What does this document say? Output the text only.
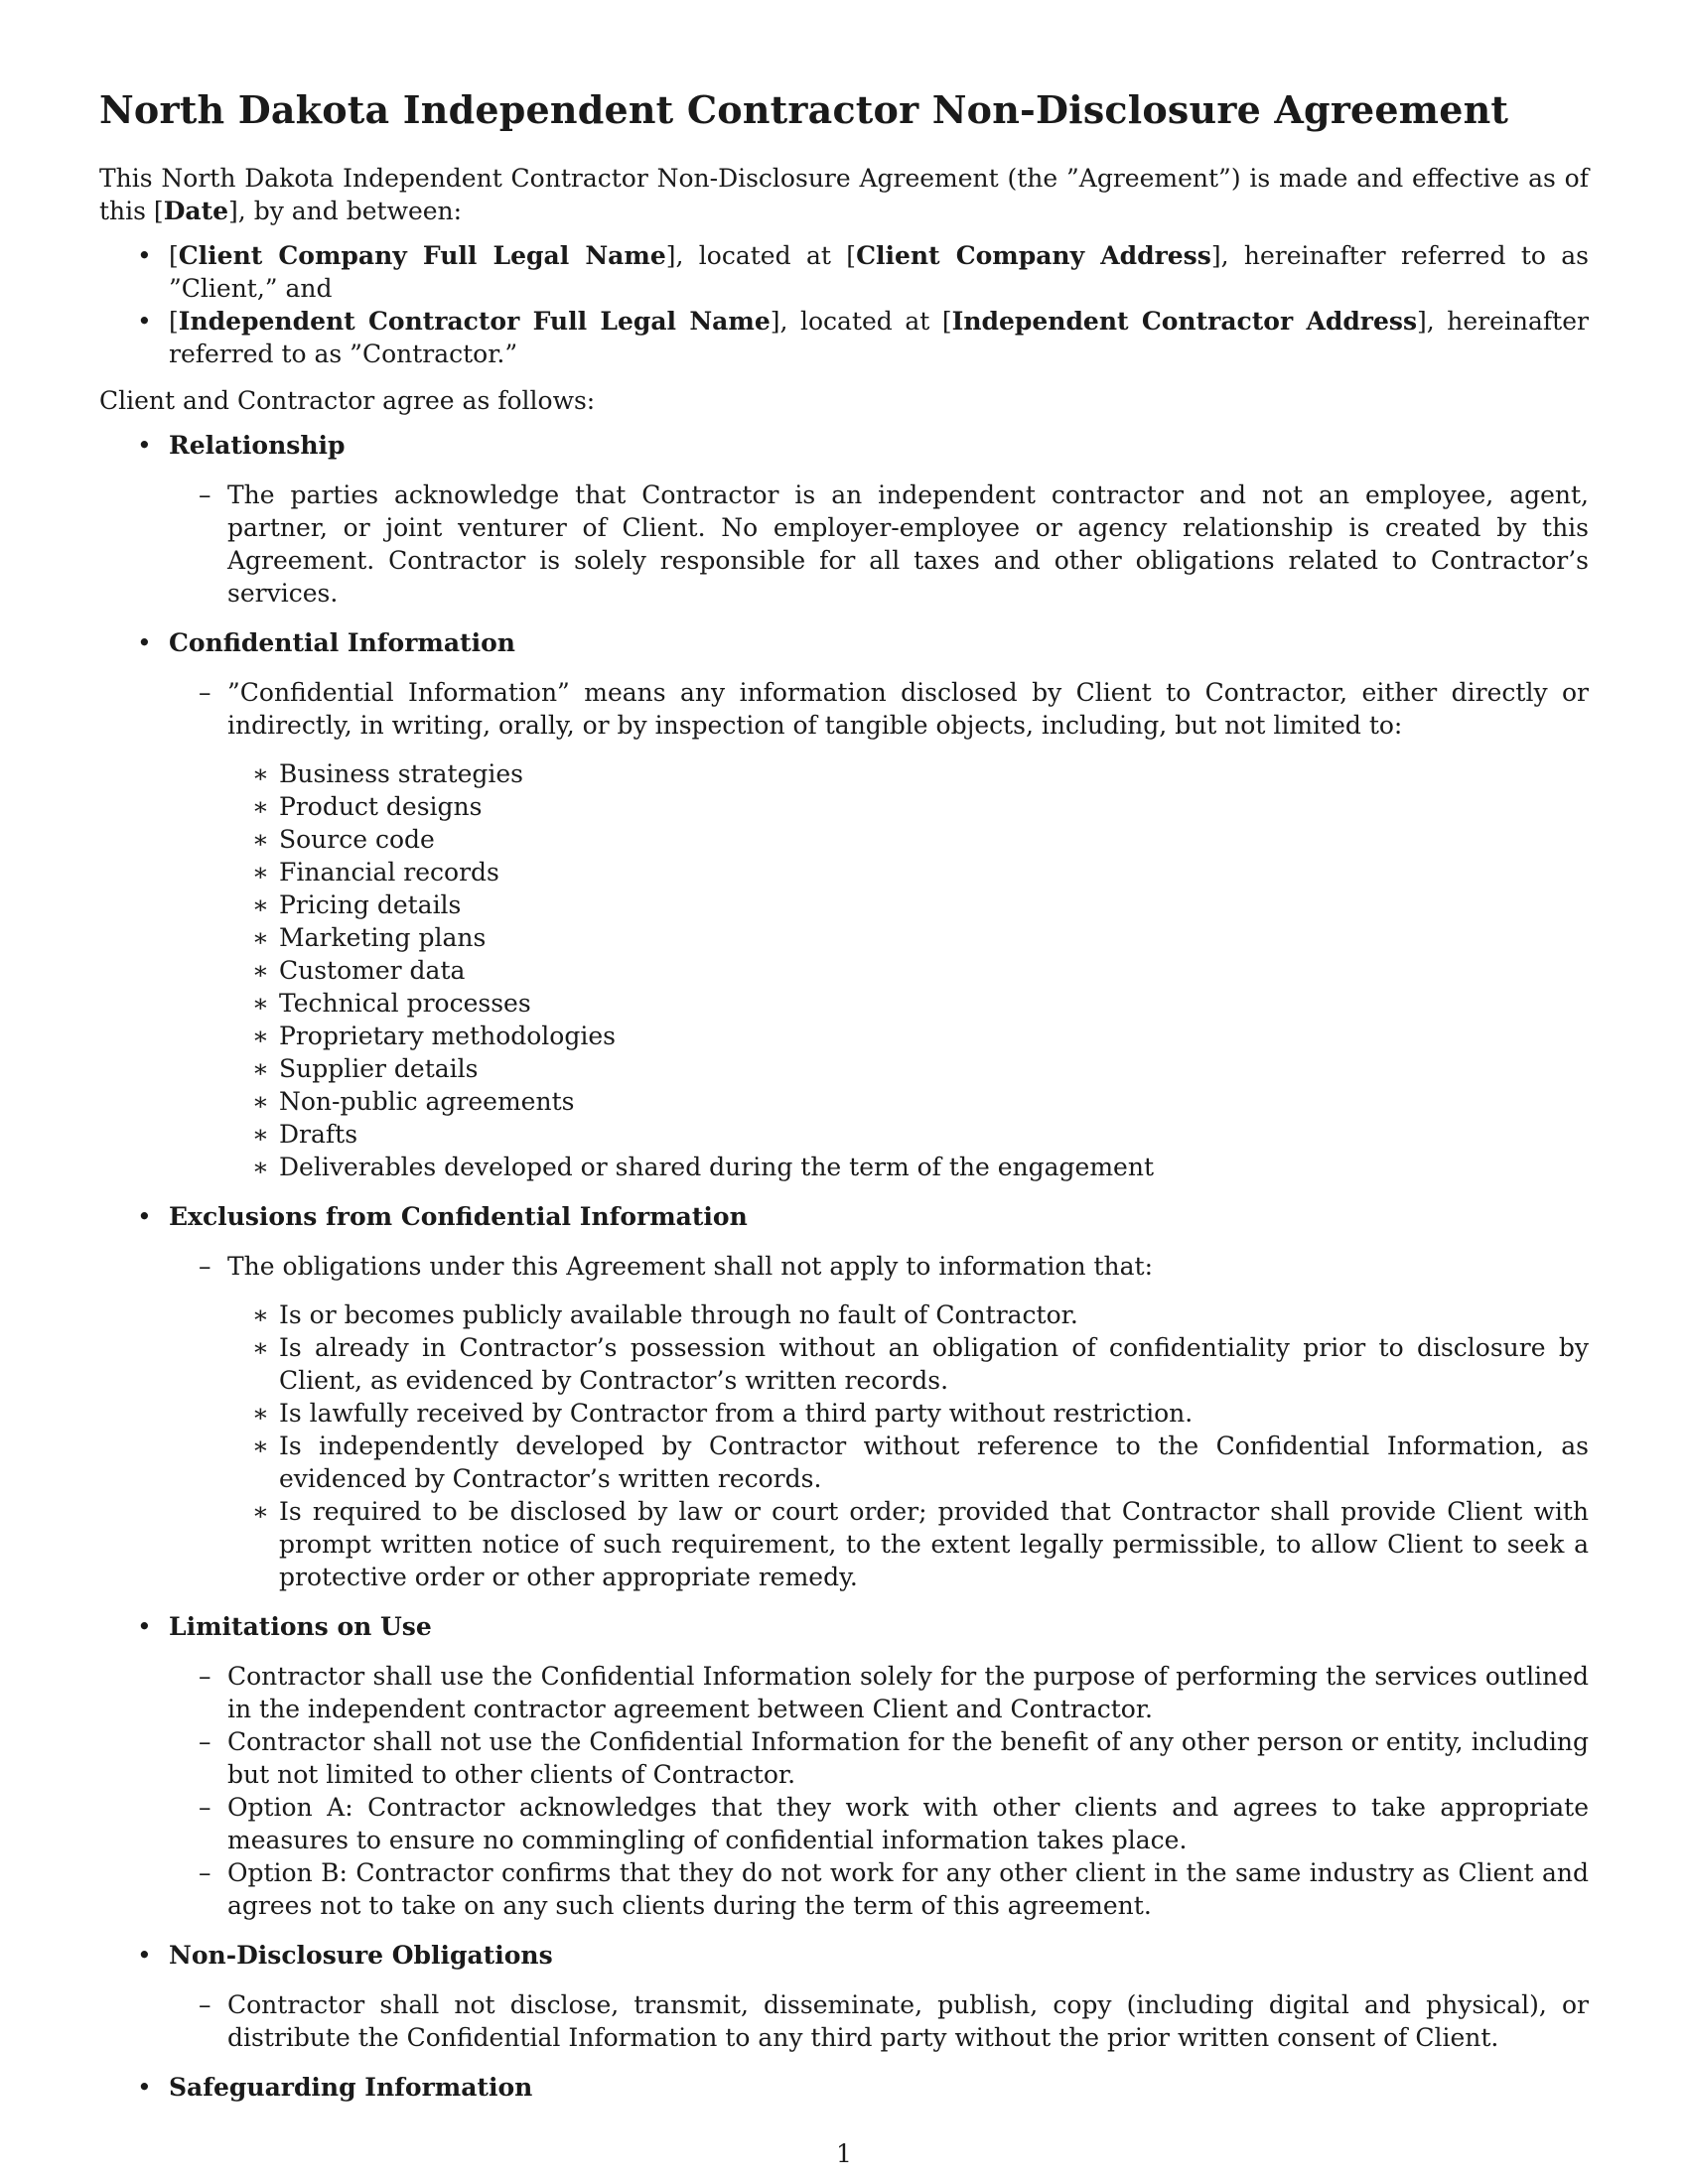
North Dakota Independent Contractor Non-Disclosure Agreement

This North Dakota Independent Contractor Non-Disclosure Agreement (the ”Agreement”) is made and effective as of this [Date], by and between:

• [Client Company Full Legal Name], located at [Client Company Address], hereinafter referred to as ”Client,” and
• [Independent Contractor Full Legal Name], located at [Independent Contractor Address], hereinafter referred to as ”Contractor.”

Client and Contractor agree as follows:

• Relationship
– The parties acknowledge that Contractor is an independent contractor and not an employee, agent, partner, or joint venturer of Client. No employer-employee or agency relationship is created by this Agreement. Contractor is solely responsible for all taxes and other obligations related to Contractor’s services.
• Confidential Information
– ”Confidential Information” means any information disclosed by Client to Contractor, either directly or indirectly, in writing, orally, or by inspection of tangible objects, including, but not limited to:
∗ Business strategies
∗ Product designs
∗ Source code
∗ Financial records
∗ Pricing details
∗ Marketing plans
∗ Customer data
∗ Technical processes
∗ Proprietary methodologies
∗ Supplier details
∗ Non-public agreements
∗ Drafts
∗ Deliverables developed or shared during the term of the engagement
• Exclusions from Confidential Information
– The obligations under this Agreement shall not apply to information that:
∗ Is or becomes publicly available through no fault of Contractor.
∗ Is already in Contractor’s possession without an obligation of confidentiality prior to disclosure by Client, as evidenced by Contractor’s written records.
∗ Is lawfully received by Contractor from a third party without restriction.
∗ Is independently developed by Contractor without reference to the Confidential Information, as evidenced by Contractor’s written records.
∗ Is required to be disclosed by law or court order; provided that Contractor shall provide Client with prompt written notice of such requirement, to the extent legally permissible, to allow Client to seek a protective order or other appropriate remedy.
• Limitations on Use
– Contractor shall use the Confidential Information solely for the purpose of performing the services outlined in the independent contractor agreement between Client and Contractor.
– Contractor shall not use the Confidential Information for the benefit of any other person or entity, including but not limited to other clients of Contractor.
– Option A: Contractor acknowledges that they work with other clients and agrees to take appropriate measures to ensure no commingling of confidential information takes place.
– Option B: Contractor confirms that they do not work for any other client in the same industry as Client and agrees not to take on any such clients during the term of this agreement.
• Non-Disclosure Obligations
– Contractor shall not disclose, transmit, disseminate, publish, copy (including digital and physical), or distribute the Confidential Information to any third party without the prior written consent of Client.
• Safeguarding Information
1
